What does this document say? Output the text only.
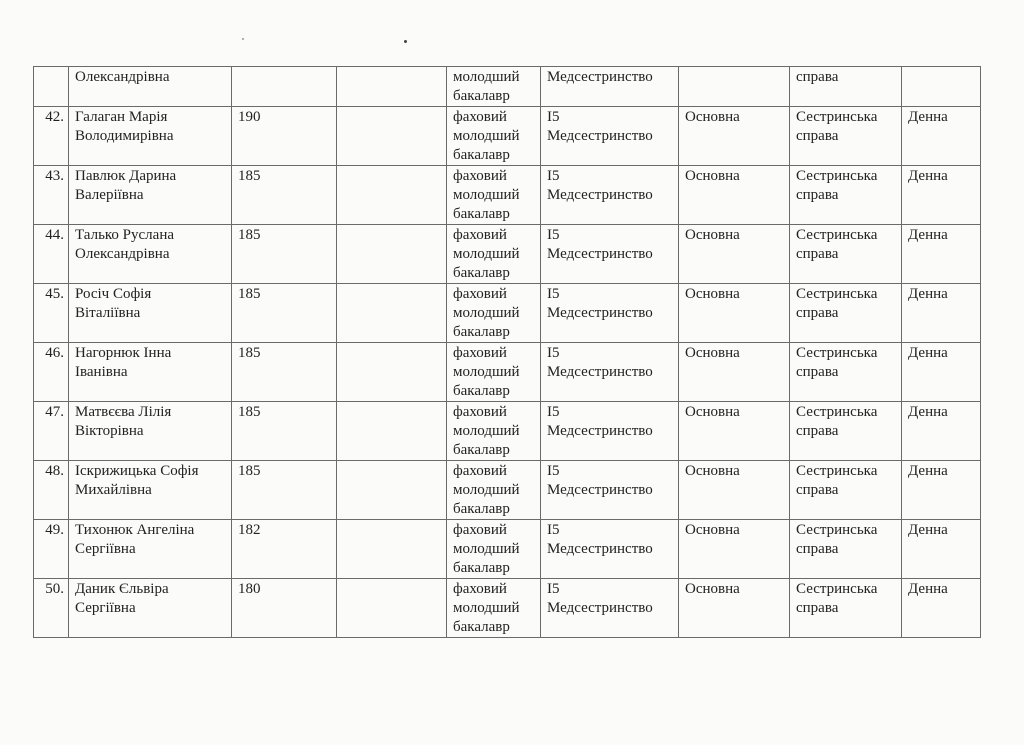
	Олександрівна			молодший
бакалавр	Медсестринство		справа	

42.	Галаган Марія
Володимирівна	190		фаховий
молодший
бакалавр	І5
Медсестринство	Основна	Сестринська
справа	Денна
43.	Павлюк Дарина
Валеріївна	185		фаховий
молодший
бакалавр	І5
Медсестринство	Основна	Сестринська
справа	Денна
44.	Талько Руслана
Олександрівна	185		фаховий
молодший
бакалавр	І5
Медсестринство	Основна	Сестринська
справа	Денна
45.	Росіч Софія
Віталіївна	185		фаховий
молодший
бакалавр	І5
Медсестринство	Основна	Сестринська
справа	Денна
46.	Нагорнюк Інна
Іванівна	185		фаховий
молодший
бакалавр	І5
Медсестринство	Основна	Сестринська
справа	Денна
47.	Матвєєва Лілія
Вікторівна	185		фаховий
молодший
бакалавр	І5
Медсестринство	Основна	Сестринська
справа	Денна
48.	Іскрижицька Софія
Михайлівна	185		фаховий
молодший
бакалавр	І5
Медсестринство	Основна	Сестринська
справа	Денна
49.	Тихонюк Ангеліна
Сергіївна	182		фаховий
молодший
бакалавр	І5
Медсестринство	Основна	Сестринська
справа	Денна
50.	Даник Єльвіра
Сергіївна	180		фаховий
молодший
бакалавр	І5
Медсестринство	Основна	Сестринська
справа	Денна
